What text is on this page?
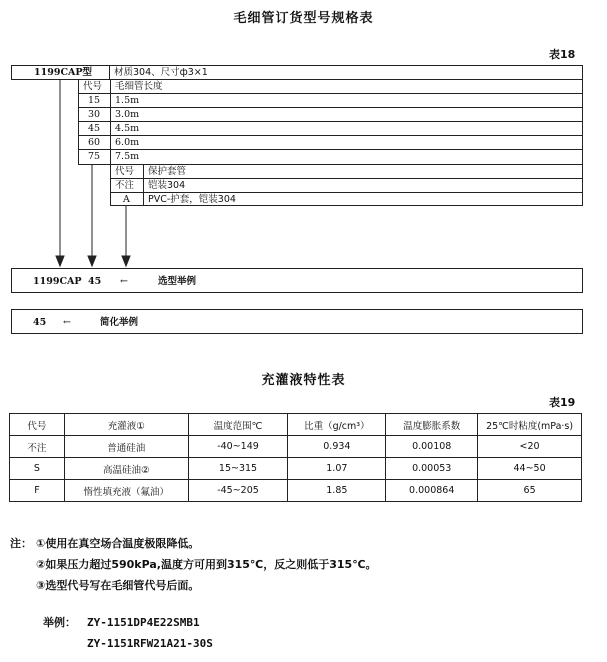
毛细管订货型号规格表
表18
1199CAP型 材质304、尺寸ф3×1
代号 毛细管长度
15 1.5m
30 3.0m
45 4.5m
60 6.0m
75 7.5m
代号 保护套管
不注 铠装304
A PVC-护套，铠装304
1199CAP 45 ←	选型举例
45 ←	简化举例
充灌液特性表
表19
代号	充灌液①	温度范围℃	比重（g/cm³）	温度膨胀系数	25℃时粘度(mPa·s)
不注	普通硅油	-40~149	0.934	0.00108	<20
S	高温硅油②	15~315	1.07	0.00053	44~50
F	惰性填充液（氟油）	-45~205	1.85	0.000864	65
注： ①使用在真空场合温度极限降低。
②如果压力超过590kPa,温度方可用到315℃，反之则低于315℃。
③选型代号写在毛细管代号后面。
举例： ZY-1151DP4E22SMB1
ZY-1151RFW21A21-30S
